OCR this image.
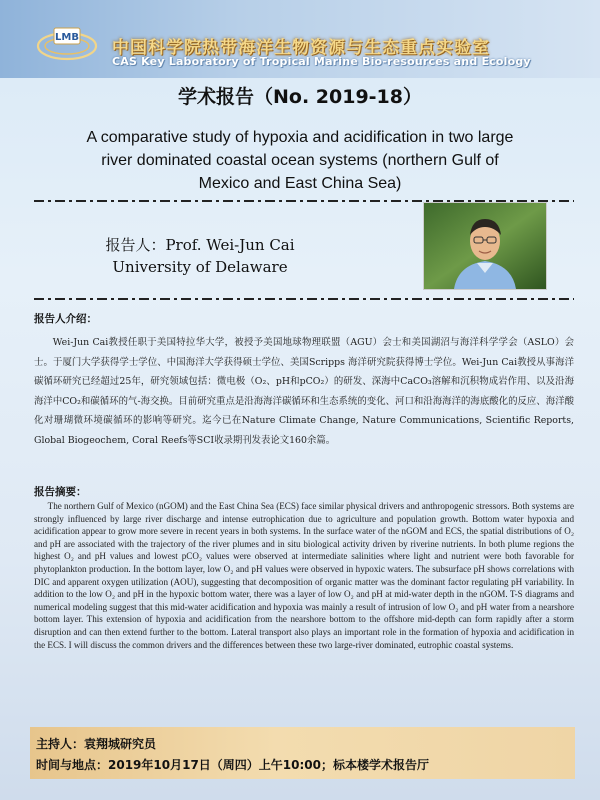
LMB
中国科学院热带海洋生物资源与生态重点实验室
CAS Key Laboratory of Tropical Marine Bio-resources and Ecology
学术报告（No. 2019-18）
A comparative study of hypoxia and acidification in two large
river dominated coastal ocean systems (northern Gulf of
Mexico and East China Sea)
报告人：Prof. Wei-Jun Cai
University of Delaware
报告人介绍：
Wei-Jun Cai教授任职于美国特拉华大学，被授予美国地球物理联盟（AGU）会士和美国湖沼与海洋科学学会（ASLO）会士。于厦门大学获得学士学位、中国海洋大学获得硕士学位、美国Scripps 海洋研究院获得博士学位。Wei-Jun Cai教授从事海洋碳循环研究已经超过25年，研究领域包括：微电极（O₂、pH和pCO₂）的研发、深海中CaCO₃溶解和沉积物成岩作用、以及沿海海洋中CO₂和碳循环的气-海交换。目前研究重点是沿海海洋碳循环和生态系统的变化、河口和沿海海洋的海底酸化的反应、海洋酸化对珊瑚微环境碳循环的影响等研究。迄今已在Nature Climate Change, Nature Communications, Scientific Reports, Global Biogeochem, Coral Reefs等SCI收录期刊发表论文160余篇。
报告摘要：
The northern Gulf of Mexico (nGOM) and the East China Sea (ECS) face similar physical drivers and anthropogenic stressors. Both systems are strongly influenced by large river discharge and intense eutrophication due to agriculture and population growth. Bottom water hypoxia and acidification appear to grow more severe in recent years in both systems. In the surface water of the nGOM and ECS, the spatial distributions of O₂ and pH are associated with the trajectory of the river plumes and in situ biological activity driven by riverine nutrients. In both plume regions the highest O₂ and pH values and lowest pCO₂ values were observed at intermediate salinities where light and nutrient were both favorable for phytoplankton production. In the bottom layer, low O₂ and pH values were observed in hypoxic waters. The subsurface pH shows correlations with DIC and apparent oxygen utilization (AOU), suggesting that decomposition of organic matter was the dominant factor regulating pH variability. In addition to the low O₂ and pH in the hypoxic bottom water, there was a layer of low O₂ and pH at mid-water depth in the nGOM. T-S diagrams and numerical modeling suggest that this mid-water acidification and hypoxia was mainly a result of intrusion of low O₂ and pH water from a nearshore bottom layer. This extension of hypoxia and acidification from the nearshore bottom to the offshore mid-depth can form rapidly after a storm disruption and can then extend further to the bottom. Lateral transport also plays an important role in the formation of hypoxia and acidification in the ECS. I will discuss the common drivers and the differences between these two large-river dominated, eutrophic coastal systems.
主持人：袁翔城研究员
时间与地点：2019年10月17日（周四）上午10:00；标本楼学术报告厅
